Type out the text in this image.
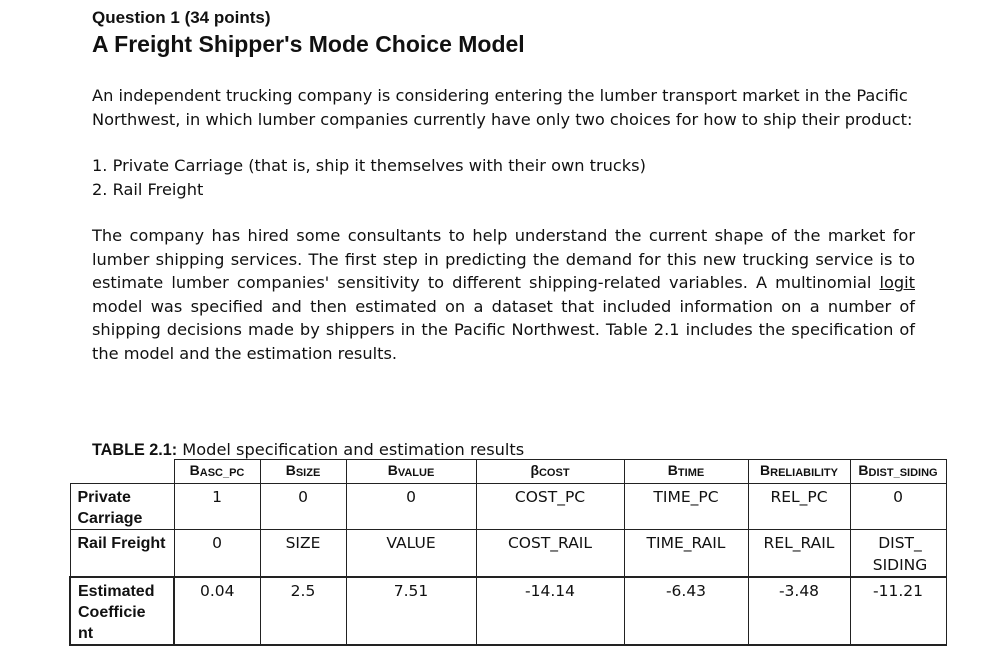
Question 1 (34 points)

A Freight Shipper's Mode Choice Model

An independent trucking company is considering entering the lumber transport market in the Pacific Northwest, in which lumber companies currently have only two choices for how to ship their product:

1. Private Carriage (that is, ship it themselves with their own trucks)
2. Rail Freight

The company has hired some consultants to help understand the current shape of the market for lumber shipping services. The first step in predicting the demand for this new trucking service is to estimate lumber companies' sensitivity to different shipping-related variables. A multinomial logit model was specified and then estimated on a dataset that included information on a number of shipping decisions made by shippers in the Pacific Northwest. Table 2.1 includes the specification of the model and the estimation results.

TABLE 2.1: Model specification and estimation results
	$B_{ASC\_PC}$	$B_{SIZE}$	$B_{VALUE}$	$\beta_{COST}$	$B_{TIME}$	$B_{RELIABILITY}$	$B_{DIST\_SIDING}$
Private Carriage	1	0	0	COST_PC	TIME_PC	REL_PC	0
Rail Freight	0	SIZE	VALUE	COST_RAIL	TIME_RAIL	REL_RAIL	DIST_ SIDING

Estimated
Coefficie
nt	0.04	2.5	7.51	-14.14	-6.43	-3.48	-11.21
